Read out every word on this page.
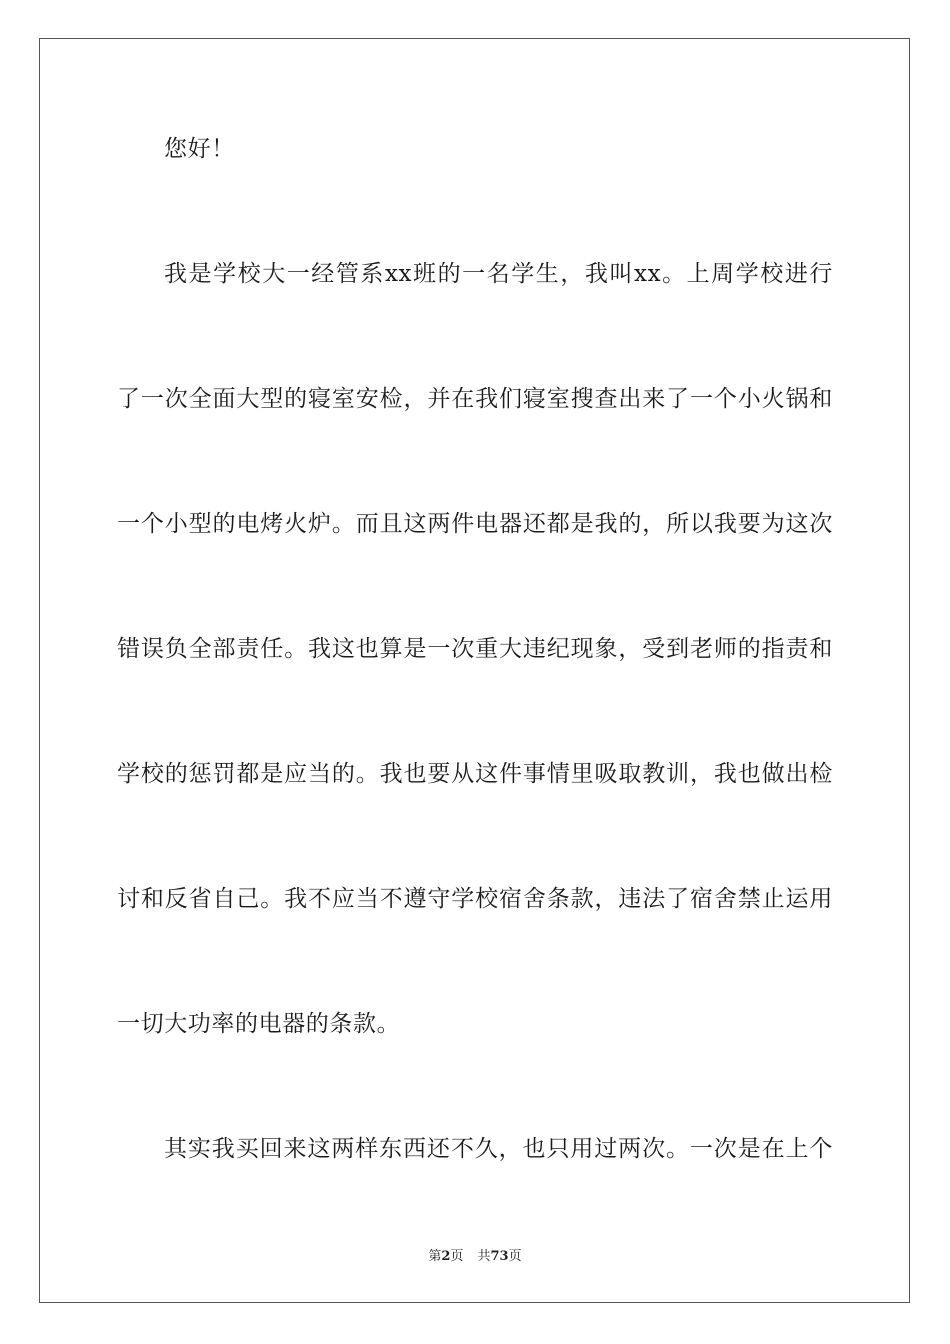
您好！
我是学校大一经管系xx班的一名学生，我叫xx。上周学校进行
了一次全面大型的寝室安检，并在我们寝室搜查出来了一个小火锅和
一个小型的电烤火炉。而且这两件电器还都是我的，所以我要为这次
错误负全部责任。我这也算是一次重大违纪现象，受到老师的指责和
学校的惩罚都是应当的。我也要从这件事情里吸取教训，我也做出检
讨和反省自己。我不应当不遵守学校宿舍条款，违法了宿舍禁止运用
一切大功率的电器的条款。
其实我买回来这两样东西还不久，也只用过两次。一次是在上个
第2页 共73页
